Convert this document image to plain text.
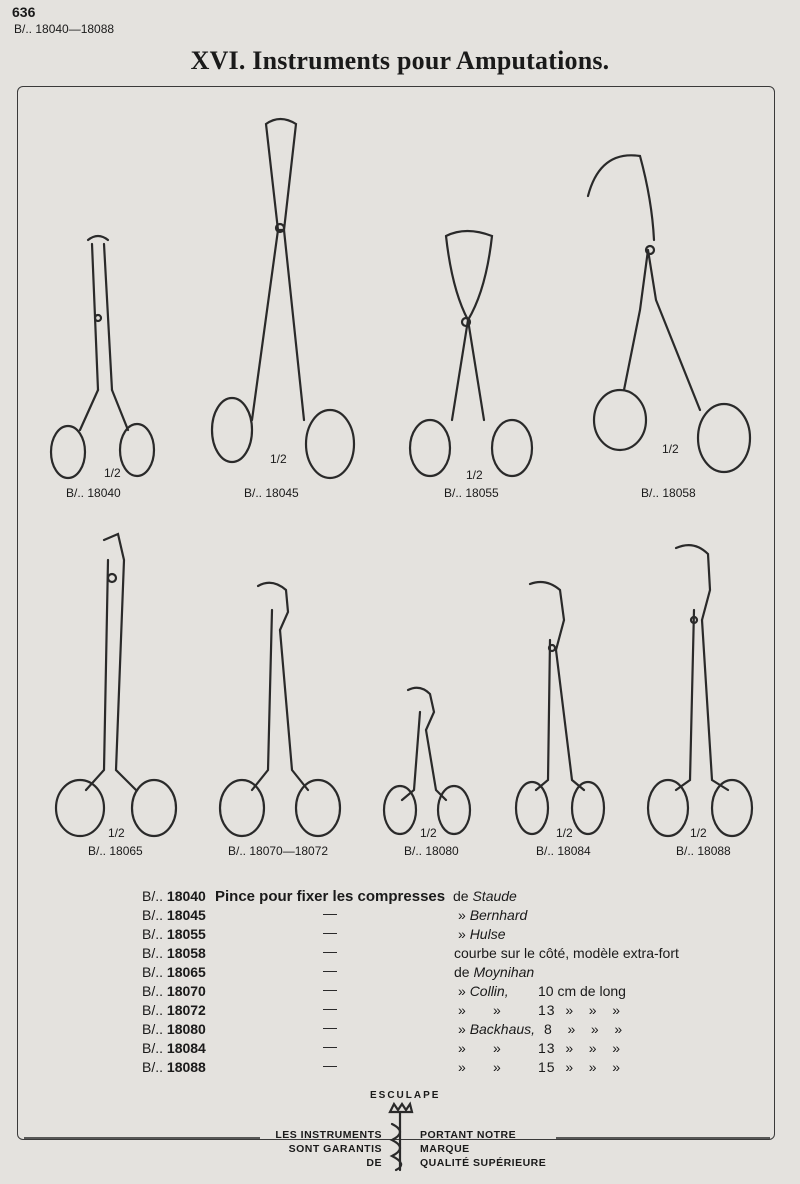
636
B/.. 18040—18088
XVI. Instruments pour Amputations.
1/2
B/.. 18040
1/2
B/.. 18045
1/2
B/.. 18055
1/2
B/.. 18058
1/2
B/.. 18065	B/.. 18070—18072
1/2
B/.. 18080
1/2
B/.. 18084
1/2
B/.. 18088
B/.. 18040 Pince pour fixer les compresses de Staude
B/.. 18045	—	» Bernhard
B/.. 18055	—	» Hulse
B/.. 18058	—	courbe sur le côté, modèle extra-fort
B/.. 18065	—	de Moynihan
B/.. 18070	—	» Collin, 10 cm de long
B/.. 18072	—	»       »	13  »   »   »
B/.. 18080	—	» Backhaus, 8   »   »   »
B/.. 18084	—	»       »	13  »   »   »
B/.. 18088	—	»       »	15  »   »   »
ESCULAPE
LES INSTRUMENTS
SONT GARANTIS DE
PORTANT NOTRE MARQUE
QUALITÉ SUPÉRIEURE
